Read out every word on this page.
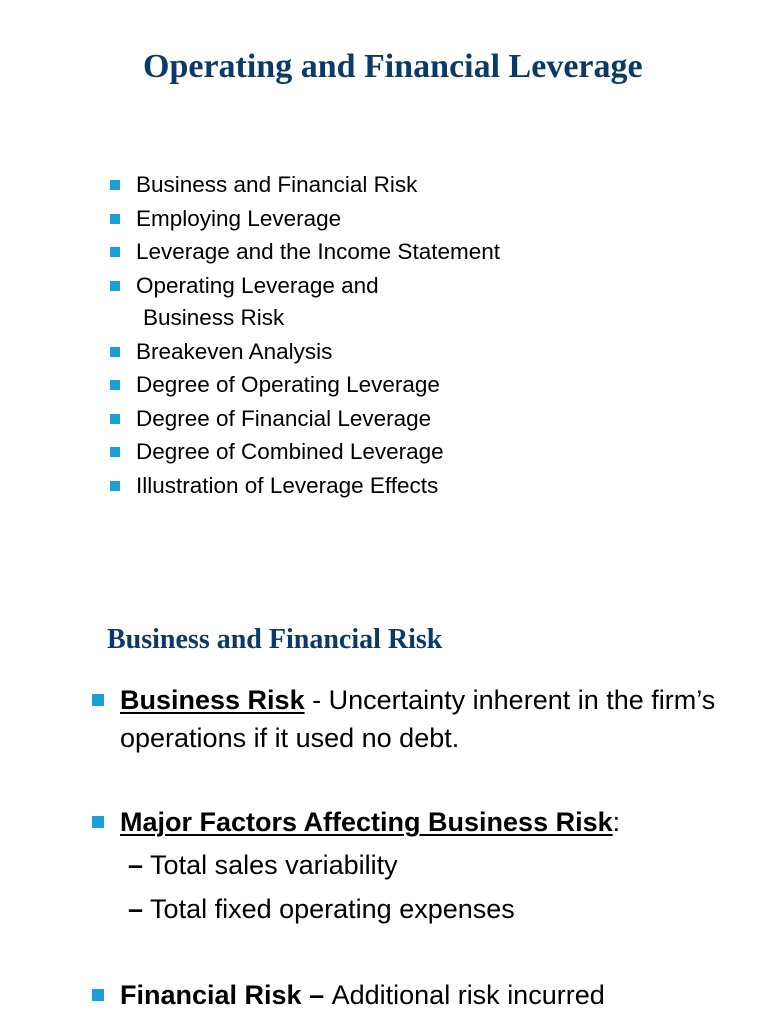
Operating and Financial Leverage
Business and Financial Risk
Employing Leverage
Leverage and the Income Statement
Operating Leverage and
Business Risk
Breakeven Analysis
Degree of Operating Leverage
Degree of Financial Leverage
Degree of Combined Leverage
Illustration of Leverage Effects
Business and Financial Risk
Business Risk - Uncertainty inherent in the firm’s operations if it used no debt.
Major Factors Affecting Business Risk:
– Total sales variability
– Total fixed operating expenses
Financial Risk – Additional risk incurred
